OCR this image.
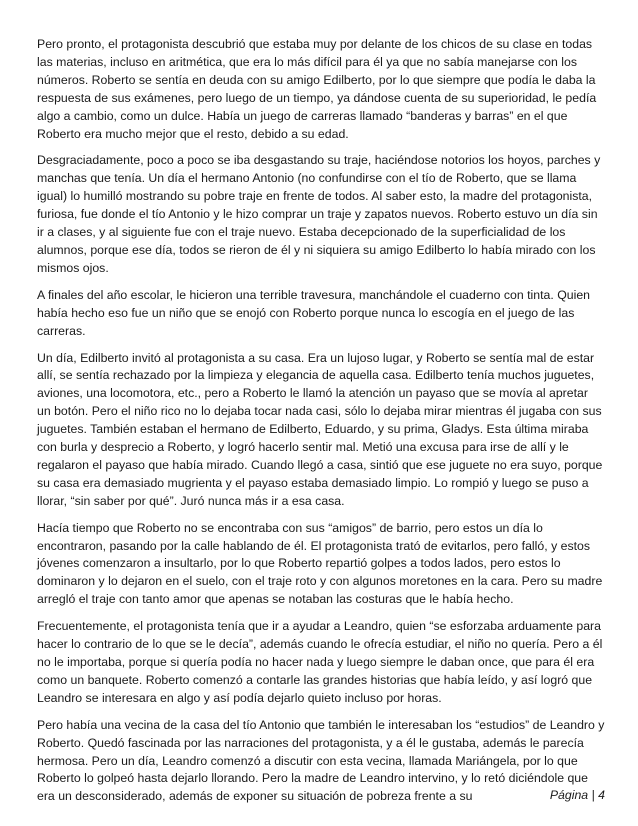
Pero pronto, el protagonista descubrió que estaba muy por delante de los chicos de su clase en todas las materias, incluso en aritmética, que era lo más difícil para él ya que no sabía manejarse con los números. Roberto se sentía en deuda con su amigo Edilberto, por lo que siempre que podía le daba la respuesta de sus exámenes, pero luego de un tiempo, ya dándose cuenta de su superioridad, le pedía algo a cambio, como un dulce. Había un juego de carreras llamado “banderas y barras” en el que Roberto era mucho mejor que el resto, debido a su edad.

Desgraciadamente, poco a poco se iba desgastando su traje, haciéndose notorios los hoyos, parches y manchas que tenía. Un día el hermano Antonio (no confundirse con el tío de Roberto, que se llama igual) lo humilló mostrando su pobre traje en frente de todos. Al saber esto, la madre del protagonista, furiosa, fue donde el tío Antonio y le hizo comprar un traje y zapatos nuevos. Roberto estuvo un día sin ir a clases, y al siguiente fue con el traje nuevo. Estaba decepcionado de la superficialidad de los alumnos, porque ese día, todos se rieron de él y ni siquiera su amigo Edilberto lo había mirado con los mismos ojos.

A finales del año escolar, le hicieron una terrible travesura, manchándole el cuaderno con tinta. Quien había hecho eso fue un niño que se enojó con Roberto porque nunca lo escogía en el juego de las carreras.

Un día, Edilberto invitó al protagonista a su casa. Era un lujoso lugar, y Roberto se sentía mal de estar allí, se sentía rechazado por la limpieza y elegancia de aquella casa. Edilberto tenía muchos juguetes, aviones, una locomotora, etc., pero a Roberto le llamó la atención un payaso que se movía al apretar un botón. Pero el niño rico no lo dejaba tocar nada casi, sólo lo dejaba mirar mientras él jugaba con sus juguetes. También estaban el hermano de Edilberto, Eduardo, y su prima, Gladys. Esta última miraba con burla y desprecio a Roberto, y logró hacerlo sentir mal. Metió una excusa para irse de allí y le regalaron el payaso que había mirado. Cuando llegó a casa, sintió que ese juguete no era suyo, porque su casa era demasiado mugrienta y el payaso estaba demasiado limpio. Lo rompió y luego se puso a llorar, “sin saber por qué”. Juró nunca más ir a esa casa.

Hacía tiempo que Roberto no se encontraba con sus “amigos” de barrio, pero estos un día lo encontraron, pasando por la calle hablando de él. El protagonista trató de evitarlos, pero falló, y estos jóvenes comenzaron a insultarlo, por lo que Roberto repartió golpes a todos lados, pero estos lo dominaron y lo dejaron en el suelo, con el traje roto y con algunos moretones en la cara. Pero su madre arregló el traje con tanto amor que apenas se notaban las costuras que le había hecho.

Frecuentemente, el protagonista tenía que ir a ayudar a Leandro, quien “se esforzaba arduamente para hacer lo contrario de lo que se le decía”, además cuando le ofrecía estudiar, el niño no quería. Pero a él no le importaba, porque si quería podía no hacer nada y luego siempre le daban once, que para él era como un banquete. Roberto comenzó a contarle las grandes historias que había leído, y así logró que Leandro se interesara en algo y así podía dejarlo quieto incluso por horas.

Pero había una vecina de la casa del tío Antonio que también le interesaban los “estudios” de Leandro y Roberto. Quedó fascinada por las narraciones del protagonista, y a él le gustaba, además le parecía hermosa. Pero un día, Leandro comenzó a discutir con esta vecina, llamada Mariángela, por lo que Roberto lo golpeó hasta dejarlo llorando. Pero la madre de Leandro intervino, y lo retó diciéndole que era un desconsiderado, además de exponer su situación de pobreza frente a su	Página | 4
